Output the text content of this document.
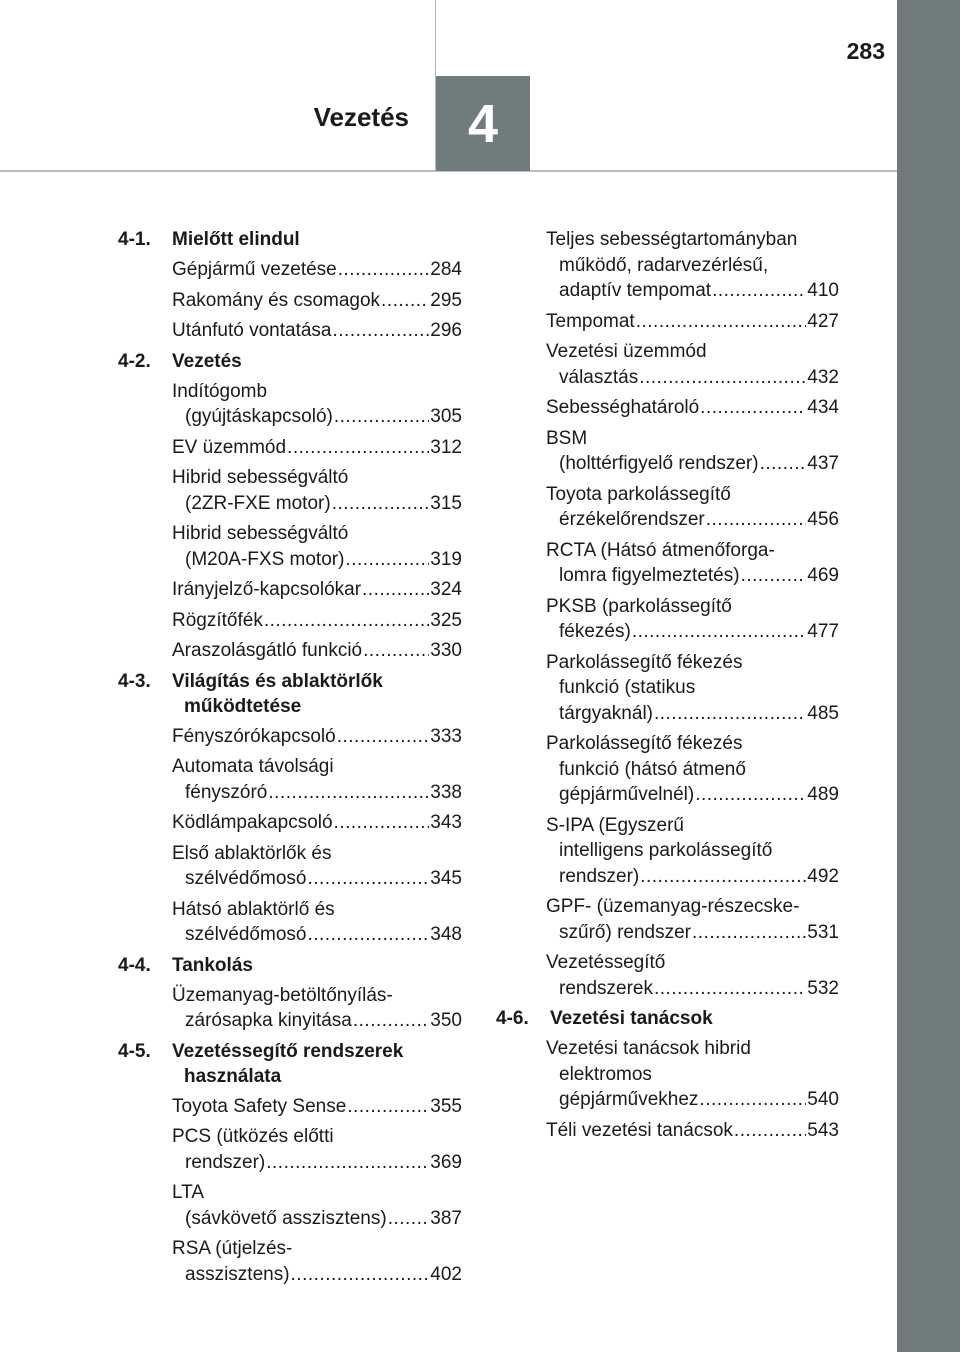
283
Vezetés	4
4-1. Mielőtt elindul
Gépjármű vezetése .....	284
Rakomány és csomagok .....	295
Utánfutó vontatása .....	296
4-2. Vezetés
Indítógomb
(gyújtáskapcsoló) .....	305
EV üzemmód .....	312
Hibrid sebességváltó
(2ZR-FXE motor) .....	315
Hibrid sebességváltó
(M20A-FXS motor) .....	319
Irányjelző-kapcsolókar .....	324
Rögzítőfék .....	325
Araszolásgátló funkció .....	330
4-3. Világítás és ablaktörlők működtetése
Fényszórókapcsoló .....	333
Automata távolsági
fényszóró .....	338
Ködlámpakapcsoló .....	343
Első ablaktörlők és
szélvédőmosó .....	345
Hátsó ablaktörlő és
szélvédőmosó .....	348
4-4. Tankolás
Üzemanyag-betöltőnyílás-
zárósapka kinyitása .....	350
4-5. Vezetéssegítő rendszerek használata
Toyota Safety Sense .....	355
PCS (ütközés előtti
rendszer) .....	369
LTA
(sávkövető asszisztens) ..... 387
RSA (útjelzés-
asszisztens) .....	402
Teljes sebességtartományban
működő, radarvezérlésű,
adaptív tempomat .....	410
Tempomat .....	427
Vezetési üzemmód
választás .....	432
Sebességhatároló .....	434
BSM
(holttérfigyelő rendszer) .....	437
Toyota parkolássegítő
érzékelőrendszer .....	456
RCTA (Hátsó átmenőforga-
lomra figyelmeztetés) .....	469
PKSB (parkolássegítő
fékezés) .....	477
Parkolássegítő fékezés
funkció (statikus
tárgyaknál) .....	485
Parkolássegítő fékezés
funkció (hátsó átmenő
gépjárművelnél) .....	489
S-IPA (Egyszerű
intelligens parkolássegítő
rendszer) .....	492
GPF- (üzemanyag-részecske-
szűrő) rendszer .....	531
Vezetéssegítő
rendszerek .....	532
4-6. Vezetési tanácsok
Vezetési tanácsok hibrid
elektromos
gépjárművekhez .....	540
Téli vezetési tanácsok .....	543
